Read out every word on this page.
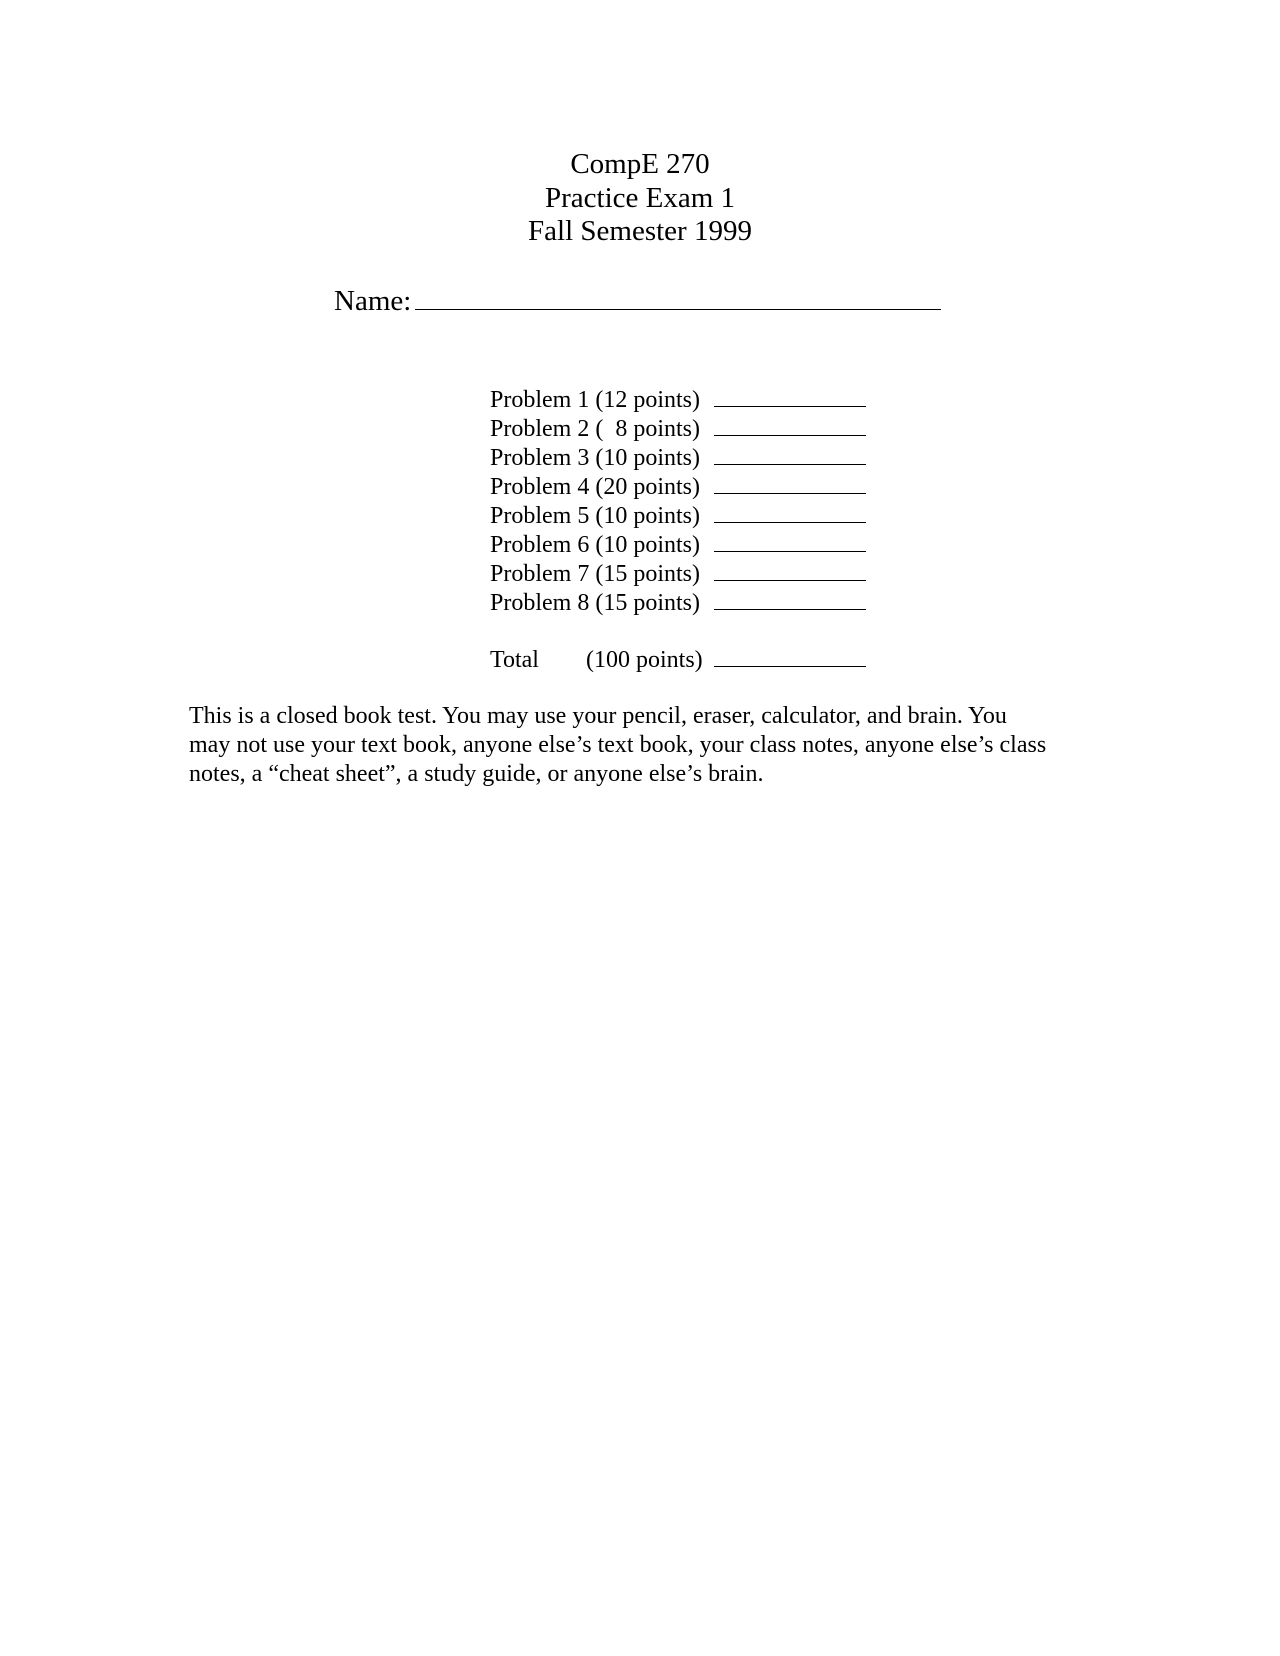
CompE 270
Practice Exam 1
Fall Semester 1999
Name:
Problem 1 (12 points)
Problem 2 (  8 points)
Problem 3 (10 points)
Problem 4 (20 points)
Problem 5 (10 points)
Problem 6 (10 points)
Problem 7 (15 points)
Problem 8 (15 points)
Total	(100 points)
This is a closed book test. You may use your pencil, eraser, calculator, and brain. You
may not use your text book, anyone else’s text book, your class notes, anyone else’s class
notes, a “cheat sheet”, a study guide, or anyone else’s brain.
